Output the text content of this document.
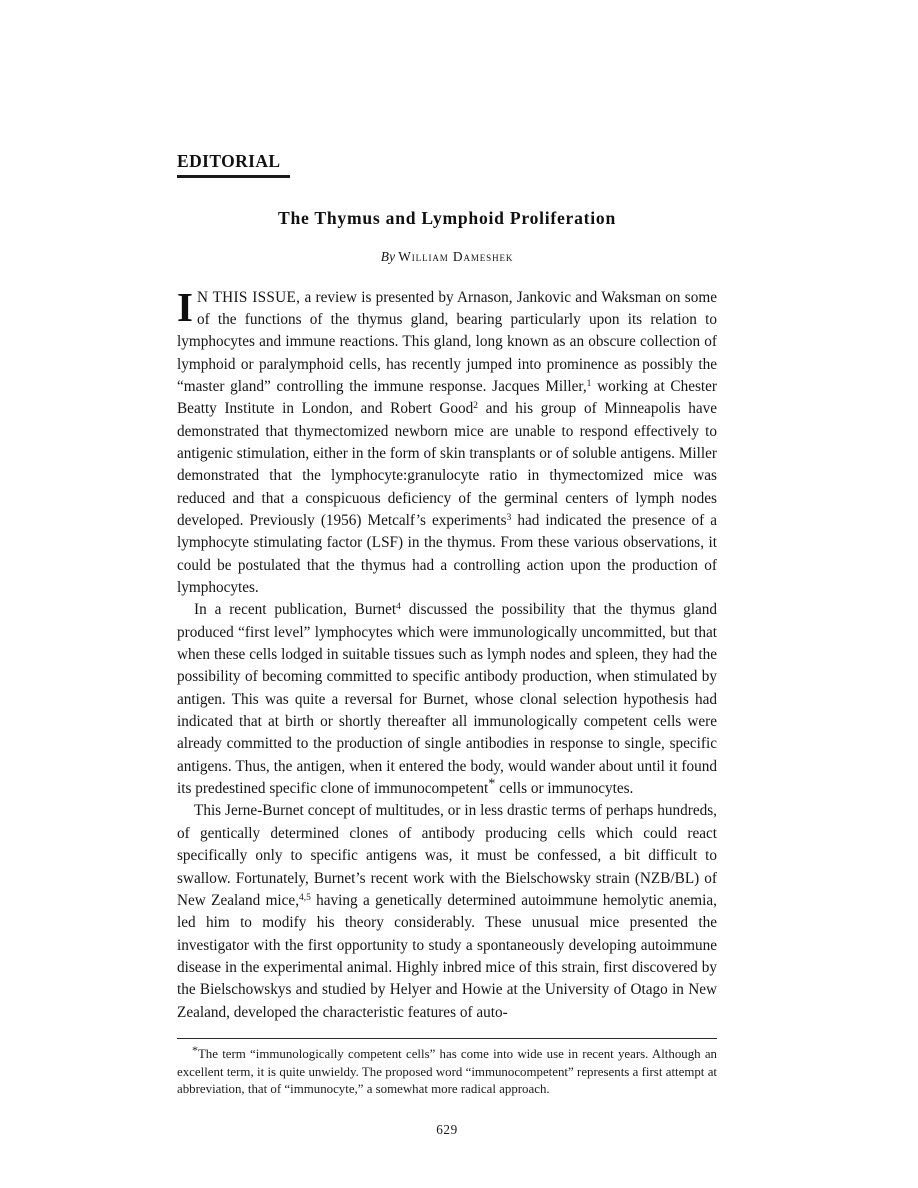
EDITORIAL
The Thymus and Lymphoid Proliferation
By William Dameshek

I N THIS ISSUE, a review is presented by Arnason, Jankovic and Waksman on some of the functions of the thymus gland, bearing particularly upon its relation to lymphocytes and immune reactions. This gland, long known as an obscure collection of lymphoid or paralymphoid cells, has recently jumped into prominence as possibly the “master gland” controlling the immune response. Jacques Miller,$^1$ working at Chester Beatty Institute in London, and Robert Good$^2$ and his group of Minneapolis have demonstrated that thymectomized newborn mice are unable to respond effectively to antigenic stimulation, either in the form of skin transplants or of soluble antigens. Miller demonstrated that the lymphocyte:granulocyte ratio in thymectomized mice was reduced and that a conspicuous deficiency of the germinal centers of lymph nodes developed. Previously (1956) Metcalf’s experiments$^3$ had indicated the presence of a lymphocyte stimulating factor (LSF) in the thymus. From these various observations, it could be postulated that the thymus had a controlling action upon the production of lymphocytes.

In a recent publication, Burnet$^4$ discussed the possibility that the thymus gland produced “first level” lymphocytes which were immunologically uncommitted, but that when these cells lodged in suitable tissues such as lymph nodes and spleen, they had the possibility of becoming committed to specific antibody production, when stimulated by antigen. This was quite a reversal for Burnet, whose clonal selection hypothesis had indicated that at birth or shortly thereafter all immunologically competent cells were already committed to the production of single antibodies in response to single, specific antigens. Thus, the antigen, when it entered the body, would wander about until it found its predestined specific clone of immunocompetent* cells or immunocytes.

This Jerne-Burnet concept of multitudes, or in less drastic terms of perhaps hundreds, of gentically determined clones of antibody producing cells which could react specifically only to specific antigens was, it must be confessed, a bit difficult to swallow. Fortunately, Burnet’s recent work with the Bielschowsky strain (NZB/BL) of New Zealand mice,$^{4,5}$ having a genetically determined autoimmune hemolytic anemia, led him to modify his theory considerably. These unusual mice presented the investigator with the first opportunity to study a spontaneously developing autoimmune disease in the experimental animal. Highly inbred mice of this strain, first discovered by the Bielschowskys and studied by Helyer and Howie at the University of Otago in New Zealand, developed the characteristic features of auto-

*The term “immunologically competent cells” has come into wide use in recent years. Although an excellent term, it is quite unwieldy. The proposed word “immunocompetent” represents a first attempt at abbreviation, that of “immunocyte,” a somewhat more radical approach.

629
